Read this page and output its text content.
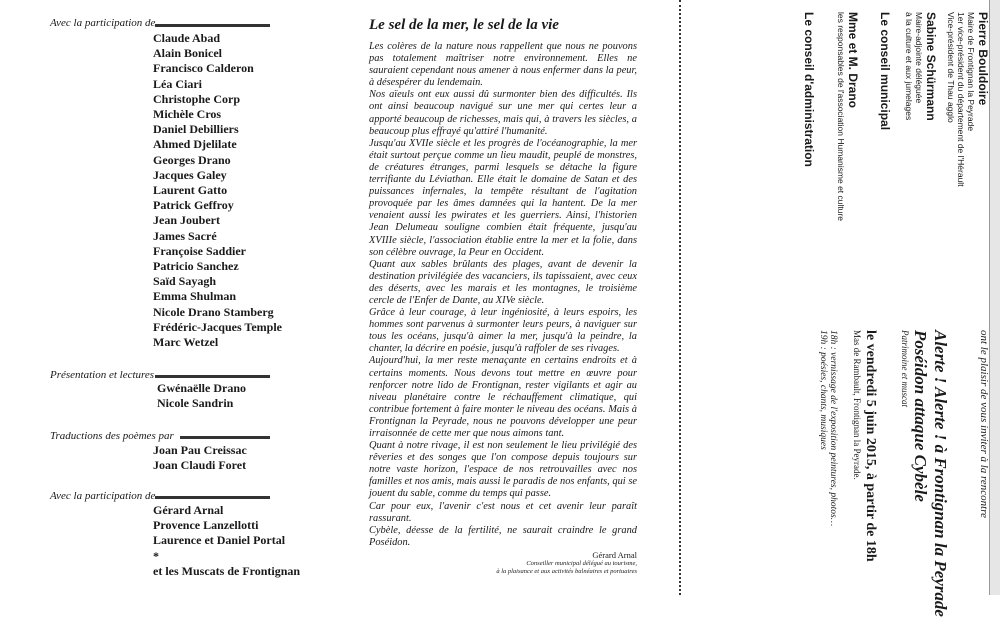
Avec la participation de
Claude Abad
Alain Bonicel
Francisco Calderon
Léa Ciari
Christophe Corp
Michèle Cros
Daniel Debilliers
Ahmed Djelilate
Georges Drano
Jacques Galey
Laurent Gatto
Patrick Geffroy
Jean Joubert
James Sacré
Françoise Saddier
Patricio Sanchez
Saïd Sayagh
Emma Shulman
Nicole Drano Stamberg
Frédéric-Jacques Temple
Marc Wetzel
Présentation et lectures
Gwénaëlle Drano
Nicole Sandrin
Traductions des poèmes par
Joan Pau Creissac
Joan Claudi Foret
Avec la participation de
Gérard Arnal
Provence Lanzellotti
Laurence et Daniel Portal
*
et les Muscats de Frontignan
Le sel de la mer, le sel de la vie
Les colères de la nature nous rappellent que nous ne pouvons pas totalement maîtriser notre environnement. Elles ne sauraient cependant nous amener à nous enfermer dans la peur, à désespérer du lendemain.
Nos aïeuls ont eux aussi dû surmonter bien des difficultés. Ils ont ainsi beaucoup navigué sur une mer qui certes leur a apporté beaucoup de richesses, mais qui, à travers les siècles, a beaucoup plus effrayé qu'attiré l'humanité.
Jusqu'au XVIIe siècle et les progrès de l'océanographie, la mer était surtout perçue comme un lieu maudit, peuplé de monstres, de créatures étranges, parmi lesquels se détache la figure terrifiante du Léviathan. Elle était le domaine de Satan et des puissances infernales, la tempête résultant de l'agitation provoquée par les âmes damnées qui la hantent. De la mer venaient aussi les pwirates et les guerriers. Ainsi, l'historien Jean Delumeau souligne combien était fréquente, jusqu'au XVIIIe siècle, l'association établie entre la mer et la folie, dans son célèbre ouvrage, la Peur en Occident.
Quant aux sables brûlants des plages, avant de devenir la destination privilégiée des vacanciers, ils tapissaient, avec ceux des déserts, avec les marais et les montagnes, le troisième cercle de l'Enfer de Dante, au XIVe siècle.
Grâce à leur courage, à leur ingéniosité, à leurs espoirs, les hommes sont parvenus à surmonter leurs peurs, à naviguer sur tous les océans, jusqu'à aimer la mer, jusqu'à la peindre, la chanter, la décrire en poésie, jusqu'à raffoler de ses rivages.
Aujourd'hui, la mer reste menaçante en certains endroits et à certains moments. Nous devons tout mettre en œuvre pour renforcer notre lido de Frontignan, rester vigilants et agir au niveau planétaire contre le réchauffement climatique, qui contribue fortement à faire monter le niveau des océans. Mais à Frontignan la Peyrade, nous ne pouvons développer une peur irraisonnée de cette mer que nous aimons tant.
Quant à notre rivage, il est non seulement le lieu privilégié des rêveries et des songes que l'on compose depuis toujours sur notre vaste horizon, l'espace de nos retrouvailles avec nos familles et nos amis, mais aussi le paradis de nos enfants, qui se jouent du sable, comme du temps qui passe.
Car pour eux, l'avenir c'est nous et cet avenir leur paraît rassurant.
Cybèle, déesse de la fertilité, ne saurait craindre le grand Poséidon.
Gérard Arnal
Conseiller municipal délégué au tourisme,
à la plaisance et aux activités balnéaires et portuaires
Pierre Bouldoire
Maire de Frontignan la Peyrade
1er vice-président du département de l'Hérault
Vice-président de Thau agglo
Sabine Schürmann
Maire-adjointe déléguée
à la culture et aux jumelages
Le conseil municipal
Mme et M. Drano
les responsables de l'association Humanisme et culture
Le conseil d'administration
ont le plaisir de vous inviter à la rencontre
Alerte ! Alerte ! à Frontignan la Peyrade
Poséidon attaque Cybèle
Patrimoine et muscat
le vendredi 5 juin 2015, à partir de 18h
Mas de Rambault, Frontignan la Peyrade.
18h : vernissage de l'exposition peintures, photos…
19h : poésies, chants, musiques
